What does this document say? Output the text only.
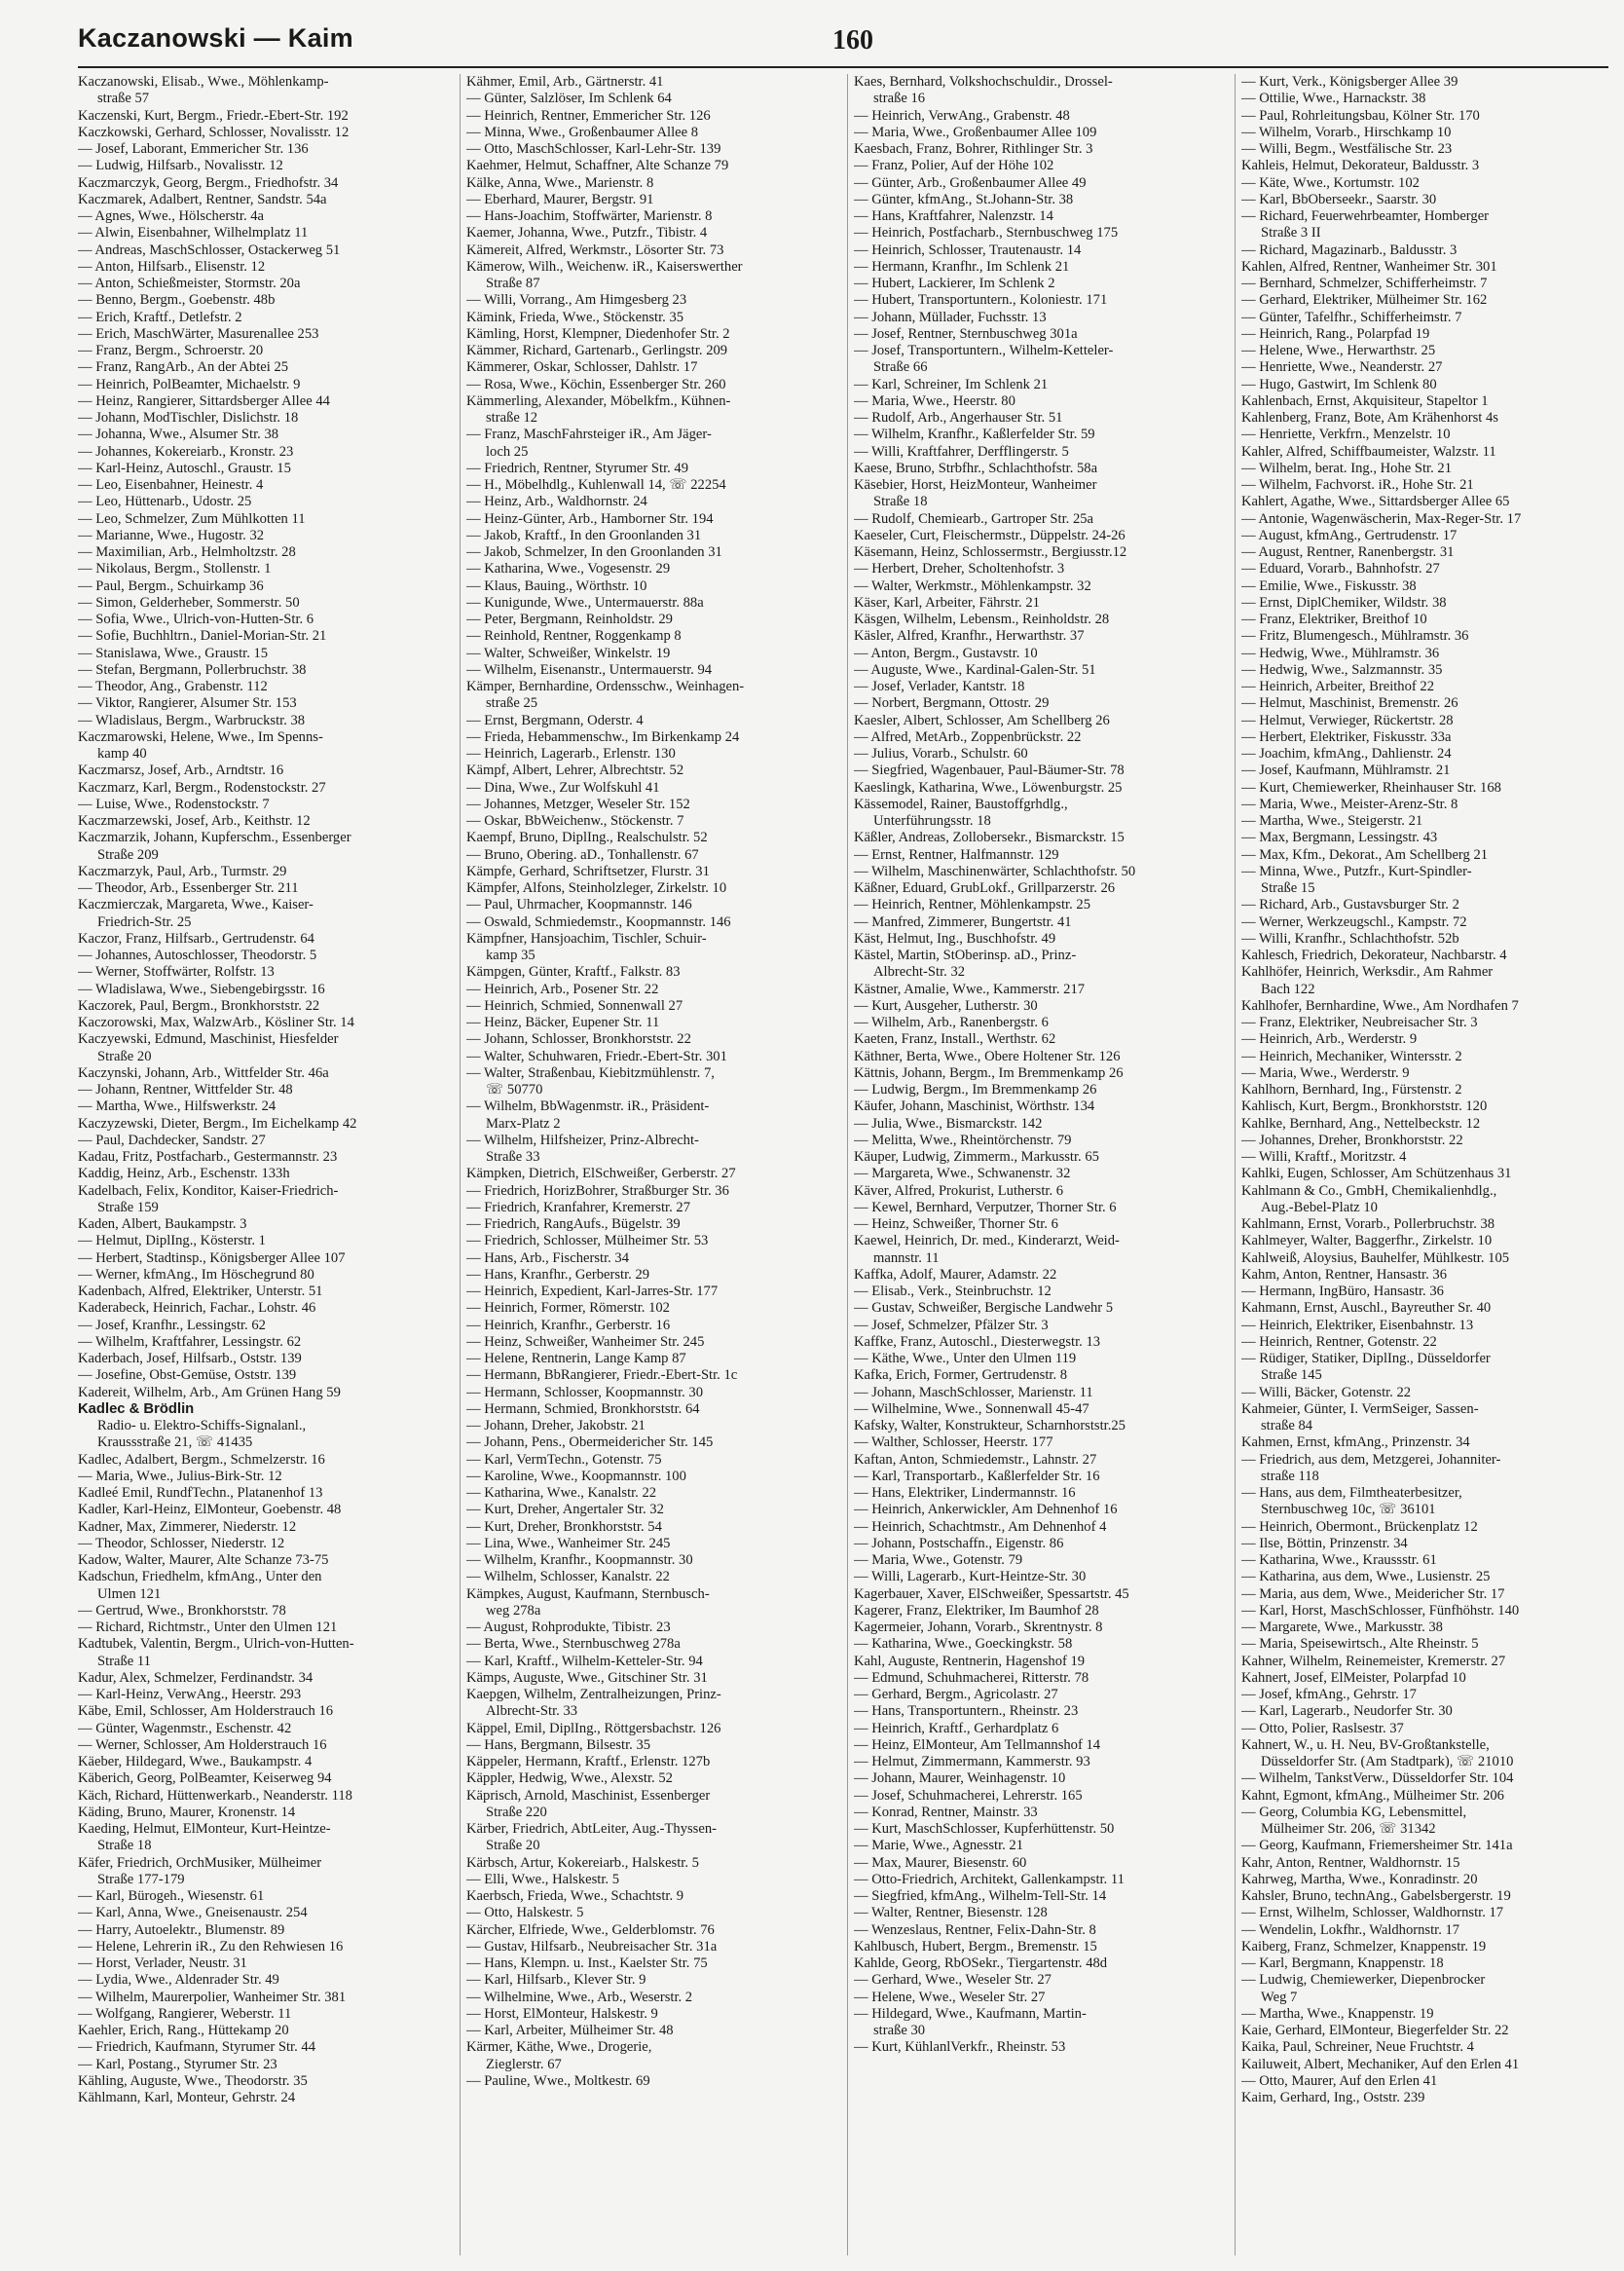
Kaczanowski — Kaim	160
Kaczanowski, Elisab., Wwe., Möhlenkamp-
straße 57
Kaczenski, Kurt, Bergm., Friedr.-Ebert-Str. 192
Kaczkowski, Gerhard, Schlosser, Novalisstr. 12
— Josef, Laborant, Emmericher Str. 136
— Ludwig, Hilfsarb., Novalisstr. 12
Kaczmarczyk, Georg, Bergm., Friedhofstr. 34
Kaczmarek, Adalbert, Rentner, Sandstr. 54a
— Agnes, Wwe., Hölscherstr. 4a
— Alwin, Eisenbahner, Wilhelmplatz 11
— Andreas, MaschSchlosser, Ostackerweg 51
— Anton, Hilfsarb., Elisenstr. 12
— Anton, Schießmeister, Stormstr. 20a
— Benno, Bergm., Goebenstr. 48b
— Erich, Kraftf., Detlefstr. 2
— Erich, MaschWärter, Masurenallee 253
— Franz, Bergm., Schroerstr. 20
— Franz, RangArb., An der Abtei 25
— Heinrich, PolBeamter, Michaelstr. 9
— Heinz, Rangierer, Sittardsberger Allee 44
— Johann, ModTischler, Dislichstr. 18
— Johanna, Wwe., Alsumer Str. 38
— Johannes, Kokereiarb., Kronstr. 23
— Karl-Heinz, Autoschl., Graustr. 15
— Leo, Eisenbahner, Heinestr. 4
— Leo, Hüttenarb., Udostr. 25
— Leo, Schmelzer, Zum Mühlkotten 11
— Marianne, Wwe., Hugostr. 32
— Maximilian, Arb., Helmholtzstr. 28
— Nikolaus, Bergm., Stollenstr. 1
— Paul, Bergm., Schuirkamp 36
— Simon, Gelderheber, Sommerstr. 50
— Sofia, Wwe., Ulrich-von-Hutten-Str. 6
— Sofie, Buchhltrn., Daniel-Morian-Str. 21
— Stanislawa, Wwe., Graustr. 15
— Stefan, Bergmann, Pollerbruchstr. 38
— Theodor, Ang., Grabenstr. 112
— Viktor, Rangierer, Alsumer Str. 153
— Wladislaus, Bergm., Warbruckstr. 38
Kaczmarowski, Helene, Wwe., Im Spenns-
kamp 40
Kaczmarsz, Josef, Arb., Arndtstr. 16
Kaczmarz, Karl, Bergm., Rodenstockstr. 27
— Luise, Wwe., Rodenstockstr. 7
Kaczmarzewski, Josef, Arb., Keithstr. 12
Kaczmarzik, Johann, Kupferschm., Essenberger
Straße 209
Kaczmarzyk, Paul, Arb., Turmstr. 29
— Theodor, Arb., Essenberger Str. 211
Kaczmierczak, Margareta, Wwe., Kaiser-
Friedrich-Str. 25
Kaczor, Franz, Hilfsarb., Gertrudenstr. 64
— Johannes, Autoschlosser, Theodorstr. 5
— Werner, Stoffwärter, Rolfstr. 13
— Wladislawa, Wwe., Siebengebirgsstr. 16
Kaczorek, Paul, Bergm., Bronkhorststr. 22
Kaczorowski, Max, WalzwArb., Kösliner Str. 14
Kaczyewski, Edmund, Maschinist, Hiesfelder
Straße 20
Kaczynski, Johann, Arb., Wittfelder Str. 46a
— Johann, Rentner, Wittfelder Str. 48
— Martha, Wwe., Hilfswerkstr. 24
Kaczyzewski, Dieter, Bergm., Im Eichelkamp 42
— Paul, Dachdecker, Sandstr. 27
Kadau, Fritz, Postfacharb., Gestermannstr. 23
Kaddig, Heinz, Arb., Eschenstr. 133h
Kadelbach, Felix, Konditor, Kaiser-Friedrich-
Straße 159
Kaden, Albert, Baukampstr. 3
— Helmut, DiplIng., Kösterstr. 1
— Herbert, Stadtinsp., Königsberger Allee 107
— Werner, kfmAng., Im Höschegrund 80
Kadenbach, Alfred, Elektriker, Unterstr. 51
Kaderabeck, Heinrich, Fachar., Lohstr. 46
— Josef, Kranfhr., Lessingstr. 62
— Wilhelm, Kraftfahrer, Lessingstr. 62
Kaderbach, Josef, Hilfsarb., Oststr. 139
— Josefine, Obst-Gemüse, Oststr. 139
Kadereit, Wilhelm, Arb., Am Grünen Hang 59
Kadlec & Brödlin
Radio- u. Elektro-Schiffs-Signalanl.,
Kraussstraße 21, ☏ 41435
Kadlec, Adalbert, Bergm., Schmelzerstr. 16
— Maria, Wwe., Julius-Birk-Str. 12
Kadleé Emil, RundfTechn., Platanenhof 13
Kadler, Karl-Heinz, ElMonteur, Goebenstr. 48
Kadner, Max, Zimmerer, Niederstr. 12
— Theodor, Schlosser, Niederstr. 12
Kadow, Walter, Maurer, Alte Schanze 73-75
Kadschun, Friedhelm, kfmAng., Unter den
Ulmen 121
— Gertrud, Wwe., Bronkhorststr. 78
— Richard, Richtmstr., Unter den Ulmen 121
Kadtubek, Valentin, Bergm., Ulrich-von-Hutten-
Straße 11
Kadur, Alex, Schmelzer, Ferdinandstr. 34
— Karl-Heinz, VerwAng., Heerstr. 293
Käbe, Emil, Schlosser, Am Holderstrauch 16
— Günter, Wagenmstr., Eschenstr. 42
— Werner, Schlosser, Am Holderstrauch 16
Käeber, Hildegard, Wwe., Baukampstr. 4
Käberich, Georg, PolBeamter, Keiserweg 94
Käch, Richard, Hüttenwerkarb., Neanderstr. 118
Käding, Bruno, Maurer, Kronenstr. 14
Kaeding, Helmut, ElMonteur, Kurt-Heintze-
Straße 18
Käfer, Friedrich, OrchMusiker, Mülheimer
Straße 177-179
— Karl, Bürogeh., Wiesenstr. 61
— Karl, Anna, Wwe., Gneisenaustr. 254
— Harry, Autoelektr., Blumenstr. 89
— Helene, Lehrerin iR., Zu den Rehwiesen 16
— Horst, Verlader, Neustr. 31
— Lydia, Wwe., Aldenrader Str. 49
— Wilhelm, Maurerpolier, Wanheimer Str. 381
— Wolfgang, Rangierer, Weberstr. 11
Kaehler, Erich, Rang., Hüttekamp 20
— Friedrich, Kaufmann, Styrumer Str. 44
— Karl, Postang., Styrumer Str. 23
Kähling, Auguste, Wwe., Theodorstr. 35
Kählmann, Karl, Monteur, Gehrstr. 24
Kähmer, Emil, Arb., Gärtnerstr. 41
— Günter, Salzlöser, Im Schlenk 64
— Heinrich, Rentner, Emmericher Str. 126
— Minna, Wwe., Großenbaumer Allee 8
— Otto, MaschSchlosser, Karl-Lehr-Str. 139
Kaehmer, Helmut, Schaffner, Alte Schanze 79
Kälke, Anna, Wwe., Marienstr. 8
— Eberhard, Maurer, Bergstr. 91
— Hans-Joachim, Stoffwärter, Marienstr. 8
Kaemer, Johanna, Wwe., Putzfr., Tibistr. 4
Kämereit, Alfred, Werkmstr., Lösorter Str. 73
Kämerow, Wilh., Weichenw. iR., Kaiserswerther
Straße 87
— Willi, Vorrang., Am Himgesberg 23
Kämink, Frieda, Wwe., Stöckenstr. 35
Kämling, Horst, Klempner, Diedenhofer Str. 2
Kämmer, Richard, Gartenarb., Gerlingstr. 209
Kämmerer, Oskar, Schlosser, Dahlstr. 17
— Rosa, Wwe., Köchin, Essenberger Str. 260
Kämmerling, Alexander, Möbelkfm., Kühnen-
straße 12
— Franz, MaschFahrsteiger iR., Am Jäger-
loch 25
— Friedrich, Rentner, Styrumer Str. 49
— H., Möbelhdlg., Kuhlenwall 14, ☏ 22254
— Heinz, Arb., Waldhornstr. 24
— Heinz-Günter, Arb., Hamborner Str. 194
— Jakob, Kraftf., In den Groonlanden 31
— Jakob, Schmelzer, In den Groonlanden 31
— Katharina, Wwe., Vogesenstr. 29
— Klaus, Bauing., Wörthstr. 10
— Kunigunde, Wwe., Untermauerstr. 88a
— Peter, Bergmann, Reinholdstr. 29
— Reinhold, Rentner, Roggenkamp 8
— Walter, Schweißer, Winkelstr. 19
— Wilhelm, Eisenanstr., Untermauerstr. 94
Kämper, Bernhardine, Ordensschw., Weinhagen-
straße 25
— Ernst, Bergmann, Oderstr. 4
— Frieda, Hebammenschw., Im Birkenkamp 24
— Heinrich, Lagerarb., Erlenstr. 130
Kämpf, Albert, Lehrer, Albrechtstr. 52
— Dina, Wwe., Zur Wolfskuhl 41
— Johannes, Metzger, Weseler Str. 152
— Oskar, BbWeichenw., Stöckenstr. 7
Kaempf, Bruno, DiplIng., Realschulstr. 52
— Bruno, Obering. aD., Tonhallenstr. 67
Kämpfe, Gerhard, Schriftsetzer, Flurstr. 31
Kämpfer, Alfons, Steinholzleger, Zirkelstr. 10
— Paul, Uhrmacher, Koopmannstr. 146
— Oswald, Schmiedemstr., Koopmannstr. 146
Kämpfner, Hansjoachim, Tischler, Schuir-
kamp 35
Kämpgen, Günter, Kraftf., Falkstr. 83
— Heinrich, Arb., Posener Str. 22
— Heinrich, Schmied, Sonnenwall 27
— Heinz, Bäcker, Eupener Str. 11
— Johann, Schlosser, Bronkhorststr. 22
— Walter, Schuhwaren, Friedr.-Ebert-Str. 301
— Walter, Straßenbau, Kiebitzmühlenstr. 7,
☏ 50770
— Wilhelm, BbWagenmstr. iR., Präsident-
Marx-Platz 2
— Wilhelm, Hilfsheizer, Prinz-Albrecht-
Straße 33
Kämpken, Dietrich, ElSchweißer, Gerberstr. 27
— Friedrich, HorizBohrer, Straßburger Str. 36
— Friedrich, Kranfahrer, Kremerstr. 27
— Friedrich, RangAufs., Bügelstr. 39
— Friedrich, Schlosser, Mülheimer Str. 53
— Hans, Arb., Fischerstr. 34
— Hans, Kranfhr., Gerberstr. 29
— Heinrich, Expedient, Karl-Jarres-Str. 177
— Heinrich, Former, Römerstr. 102
— Heinrich, Kranfhr., Gerberstr. 16
— Heinz, Schweißer, Wanheimer Str. 245
— Helene, Rentnerin, Lange Kamp 87
— Hermann, BbRangierer, Friedr.-Ebert-Str. 1c
— Hermann, Schlosser, Koopmannstr. 30
— Hermann, Schmied, Bronkhorststr. 64
— Johann, Dreher, Jakobstr. 21
— Johann, Pens., Obermeidericher Str. 145
— Karl, VermTechn., Gotenstr. 75
— Karoline, Wwe., Koopmannstr. 100
— Katharina, Wwe., Kanalstr. 22
— Kurt, Dreher, Angertaler Str. 32
— Kurt, Dreher, Bronkhorststr. 54
— Lina, Wwe., Wanheimer Str. 245
— Wilhelm, Kranfhr., Koopmannstr. 30
— Wilhelm, Schlosser, Kanalstr. 22
Kämpkes, August, Kaufmann, Sternbusch-
weg 278a
— August, Rohprodukte, Tibistr. 23
— Berta, Wwe., Sternbuschweg 278a
— Karl, Kraftf., Wilhelm-Ketteler-Str. 94
Kämps, Auguste, Wwe., Gitschiner Str. 31
Kaepgen, Wilhelm, Zentralheizungen, Prinz-
Albrecht-Str. 33
Käppel, Emil, DiplIng., Röttgersbachstr. 126
— Hans, Bergmann, Bilsestr. 35
Käppeler, Hermann, Kraftf., Erlenstr. 127b
Käppler, Hedwig, Wwe., Alexstr. 52
Käprisch, Arnold, Maschinist, Essenberger
Straße 220
Kärber, Friedrich, AbtLeiter, Aug.-Thyssen-
Straße 20
Kärbsch, Artur, Kokereiarb., Halskestr. 5
— Elli, Wwe., Halskestr. 5
Kaerbsch, Frieda, Wwe., Schachtstr. 9
— Otto, Halskestr. 5
Kärcher, Elfriede, Wwe., Gelderblomstr. 76
— Gustav, Hilfsarb., Neubreisacher Str. 31a
— Hans, Klempn. u. Inst., Kaelster Str. 75
— Karl, Hilfsarb., Klever Str. 9
— Wilhelmine, Wwe., Arb., Weserstr. 2
— Horst, ElMonteur, Halskestr. 9
— Karl, Arbeiter, Mülheimer Str. 48
Kärmer, Käthe, Wwe., Drogerie,
Zieglerstr. 67
— Pauline, Wwe., Moltkestr. 69
Kaes, Bernhard, Volkshochschuldir., Drossel-
straße 16
— Heinrich, VerwAng., Grabenstr. 48
— Maria, Wwe., Großenbaumer Allee 109
Kaesbach, Franz, Bohrer, Rithlinger Str. 3
— Franz, Polier, Auf der Höhe 102
— Günter, Arb., Großenbaumer Allee 49
— Günter, kfmAng., St.Johann-Str. 38
— Hans, Kraftfahrer, Nalenzstr. 14
— Heinrich, Postfacharb., Sternbuschweg 175
— Heinrich, Schlosser, Trautenaustr. 14
— Hermann, Kranfhr., Im Schlenk 21
— Hubert, Lackierer, Im Schlenk 2
— Hubert, Transportuntern., Koloniestr. 171
— Johann, Müllader, Fuchsstr. 13
— Josef, Rentner, Sternbuschweg 301a
— Josef, Transportuntern., Wilhelm-Ketteler-
Straße 66
— Karl, Schreiner, Im Schlenk 21
— Maria, Wwe., Heerstr. 80
— Rudolf, Arb., Angerhauser Str. 51
— Wilhelm, Kranfhr., Kaßlerfelder Str. 59
— Willi, Kraftfahrer, Derfflingerstr. 5
Kaese, Bruno, Strbfhr., Schlachthofstr. 58a
Käsebier, Horst, HeizMonteur, Wanheimer
Straße 18
— Rudolf, Chemiearb., Gartroper Str. 25a
Kaeseler, Curt, Fleischermstr., Düppelstr. 24-26
Käsemann, Heinz, Schlossermstr., Bergiusstr.12
— Herbert, Dreher, Scholtenhofstr. 3
— Walter, Werkmstr., Möhlenkampstr. 32
Käser, Karl, Arbeiter, Fährstr. 21
Käsgen, Wilhelm, Lebensm., Reinholdstr. 28
Käsler, Alfred, Kranfhr., Herwarthstr. 37
— Anton, Bergm., Gustavstr. 10
— Auguste, Wwe., Kardinal-Galen-Str. 51
— Josef, Verlader, Kantstr. 18
— Norbert, Bergmann, Ottostr. 29
Kaesler, Albert, Schlosser, Am Schellberg 26
— Alfred, MetArb., Zoppenbrückstr. 22
— Julius, Vorarb., Schulstr. 60
— Siegfried, Wagenbauer, Paul-Bäumer-Str. 78
Kaeslingk, Katharina, Wwe., Löwenburgstr. 25
Kässemodel, Rainer, Baustoffgrhdlg.,
Unterführungsstr. 18
Käßler, Andreas, Zollobersekr., Bismarckstr. 15
— Ernst, Rentner, Halfmannstr. 129
— Wilhelm, Maschinenwärter, Schlachthofstr. 50
Käßner, Eduard, GrubLokf., Grillparzerstr. 26
— Heinrich, Rentner, Möhlenkampstr. 25
— Manfred, Zimmerer, Bungertstr. 41
Käst, Helmut, Ing., Buschhofstr. 49
Kästel, Martin, StOberinsp. aD., Prinz-
Albrecht-Str. 32
Kästner, Amalie, Wwe., Kammerstr. 217
— Kurt, Ausgeher, Lutherstr. 30
— Wilhelm, Arb., Ranenbergstr. 6
Kaeten, Franz, Install., Werthstr. 62
Käthner, Berta, Wwe., Obere Holtener Str. 126
Kättnis, Johann, Bergm., Im Bremmenkamp 26
— Ludwig, Bergm., Im Bremmenkamp 26
Käufer, Johann, Maschinist, Wörthstr. 134
— Julia, Wwe., Bismarckstr. 142
— Melitta, Wwe., Rheintörchenstr. 79
Käuper, Ludwig, Zimmerm., Markusstr. 65
— Margareta, Wwe., Schwanenstr. 32
Käver, Alfred, Prokurist, Lutherstr. 6
— Kewel, Bernhard, Verputzer, Thorner Str. 6
— Heinz, Schweißer, Thorner Str. 6
Kaewel, Heinrich, Dr. med., Kinderarzt, Weid-
mannstr. 11
Kaffka, Adolf, Maurer, Adamstr. 22
— Elisab., Verk., Steinbruchstr. 12
— Gustav, Schweißer, Bergische Landwehr 5
— Josef, Schmelzer, Pfälzer Str. 3
Kaffke, Franz, Autoschl., Diesterwegstr. 13
— Käthe, Wwe., Unter den Ulmen 119
Kafka, Erich, Former, Gertrudenstr. 8
— Johann, MaschSchlosser, Marienstr. 11
— Wilhelmine, Wwe., Sonnenwall 45-47
Kafsky, Walter, Konstrukteur, Scharnhorststr.25
— Walther, Schlosser, Heerstr. 177
Kaftan, Anton, Schmiedemstr., Lahnstr. 27
— Karl, Transportarb., Kaßlerfelder Str. 16
— Hans, Elektriker, Lindermannstr. 16
— Heinrich, Ankerwickler, Am Dehnenhof 16
— Heinrich, Schachtmstr., Am Dehnenhof 4
— Johann, Postschaffn., Eigenstr. 86
— Maria, Wwe., Gotenstr. 79
— Willi, Lagerarb., Kurt-Heintze-Str. 30
Kagerbauer, Xaver, ElSchweißer, Spessartstr. 45
Kagerer, Franz, Elektriker, Im Baumhof 28
Kagermeier, Johann, Vorarb., Skrentnystr. 8
— Katharina, Wwe., Goeckingkstr. 58
Kahl, Auguste, Rentnerin, Hagenshof 19
— Edmund, Schuhmacherei, Ritterstr. 78
— Gerhard, Bergm., Agricolastr. 27
— Hans, Transportuntern., Rheinstr. 23
— Heinrich, Kraftf., Gerhardplatz 6
— Heinz, ElMonteur, Am Tellmannshof 14
— Helmut, Zimmermann, Kammerstr. 93
— Johann, Maurer, Weinhagenstr. 10
— Josef, Schuhmacherei, Lehrerstr. 165
— Konrad, Rentner, Mainstr. 33
— Kurt, MaschSchlosser, Kupferhüttenstr. 50
— Marie, Wwe., Agnesstr. 21
— Max, Maurer, Biesenstr. 60
— Otto-Friedrich, Architekt, Gallenkampstr. 11
— Siegfried, kfmAng., Wilhelm-Tell-Str. 14
— Walter, Rentner, Biesenstr. 128
— Wenzeslaus, Rentner, Felix-Dahn-Str. 8
Kahlbusch, Hubert, Bergm., Bremenstr. 15
Kahlde, Georg, RbOSekr., Tiergartenstr. 48d
— Gerhard, Wwe., Weseler Str. 27
— Helene, Wwe., Weseler Str. 27
— Hildegard, Wwe., Kaufmann, Martin-
straße 30
— Kurt, KühlanlVerkfr., Rheinstr. 53
— Kurt, Verk., Königsberger Allee 39
— Ottilie, Wwe., Harnackstr. 38
— Paul, Rohrleitungsbau, Kölner Str. 170
— Wilhelm, Vorarb., Hirschkamp 10
— Willi, Begm., Westfälische Str. 23
Kahleis, Helmut, Dekorateur, Baldusstr. 3
— Käte, Wwe., Kortumstr. 102
— Karl, BbOberseekr., Saarstr. 30
— Richard, Feuerwehrbeamter, Homberger
Straße 3 II
— Richard, Magazinarb., Baldusstr. 3
Kahlen, Alfred, Rentner, Wanheimer Str. 301
— Bernhard, Schmelzer, Schifferheimstr. 7
— Gerhard, Elektriker, Mülheimer Str. 162
— Günter, Tafelfhr., Schifferheimstr. 7
— Heinrich, Rang., Polarpfad 19
— Helene, Wwe., Herwarthstr. 25
— Henriette, Wwe., Neanderstr. 27
— Hugo, Gastwirt, Im Schlenk 80
Kahlenbach, Ernst, Akquisiteur, Stapeltor 1
Kahlenberg, Franz, Bote, Am Krähenhorst 4s
— Henriette, Verkfrn., Menzelstr. 10
Kahler, Alfred, Schiffbaumeister, Walzstr. 11
— Wilhelm, berat. Ing., Hohe Str. 21
— Wilhelm, Fachvorst. iR., Hohe Str. 21
Kahlert, Agathe, Wwe., Sittardsberger Allee 65
— Antonie, Wagenwäscherin, Max-Reger-Str. 17
— August, kfmAng., Gertrudenstr. 17
— August, Rentner, Ranenbergstr. 31
— Eduard, Vorarb., Bahnhofstr. 27
— Emilie, Wwe., Fiskusstr. 38
— Ernst, DiplChemiker, Wildstr. 38
— Franz, Elektriker, Breithof 10
— Fritz, Blumengesch., Mühlramstr. 36
— Hedwig, Wwe., Mühlramstr. 36
— Hedwig, Wwe., Salzmannstr. 35
— Heinrich, Arbeiter, Breithof 22
— Helmut, Maschinist, Bremenstr. 26
— Helmut, Verwieger, Rückertstr. 28
— Herbert, Elektriker, Fiskusstr. 33a
— Joachim, kfmAng., Dahlienstr. 24
— Josef, Kaufmann, Mühlramstr. 21
— Kurt, Chemiewerker, Rheinhauser Str. 168
— Maria, Wwe., Meister-Arenz-Str. 8
— Martha, Wwe., Steigerstr. 21
— Max, Bergmann, Lessingstr. 43
— Max, Kfm., Dekorat., Am Schellberg 21
— Minna, Wwe., Putzfr., Kurt-Spindler-
Straße 15
— Richard, Arb., Gustavsburger Str. 2
— Werner, Werkzeugschl., Kampstr. 72
— Willi, Kranfhr., Schlachthofstr. 52b
Kahlesch, Friedrich, Dekorateur, Nachbarstr. 4
Kahlhöfer, Heinrich, Werksdir., Am Rahmer
Bach 122
Kahlhofer, Bernhardine, Wwe., Am Nordhafen 7
— Franz, Elektriker, Neubreisacher Str. 3
— Heinrich, Arb., Werderstr. 9
— Heinrich, Mechaniker, Wintersstr. 2
— Maria, Wwe., Werderstr. 9
Kahlhorn, Bernhard, Ing., Fürstenstr. 2
Kahlisch, Kurt, Bergm., Bronkhorststr. 120
Kahlke, Bernhard, Ang., Nettelbeckstr. 12
— Johannes, Dreher, Bronkhorststr. 22
— Willi, Kraftf., Moritzstr. 4
Kahlki, Eugen, Schlosser, Am Schützenhaus 31
Kahlmann & Co., GmbH, Chemikalienhdlg.,
Aug.-Bebel-Platz 10
Kahlmann, Ernst, Vorarb., Pollerbruchstr. 38
Kahlmeyer, Walter, Baggerfhr., Zirkelstr. 10
Kahlweiß, Aloysius, Bauhelfer, Mühlkestr. 105
Kahm, Anton, Rentner, Hansastr. 36
— Hermann, IngBüro, Hansastr. 36
Kahmann, Ernst, Auschl., Bayreuther Sr. 40
— Heinrich, Elektriker, Eisenbahnstr. 13
— Heinrich, Rentner, Gotenstr. 22
— Rüdiger, Statiker, DiplIng., Düsseldorfer
Straße 145
— Willi, Bäcker, Gotenstr. 22
Kahmeier, Günter, I. VermSeiger, Sassen-
straße 84
Kahmen, Ernst, kfmAng., Prinzenstr. 34
— Friedrich, aus dem, Metzgerei, Johanniter-
straße 118
— Hans, aus dem, Filmtheaterbesitzer,
Sternbuschweg 10c, ☏ 36101
— Heinrich, Obermont., Brückenplatz 12
— Ilse, Böttin, Prinzenstr. 34
— Katharina, Wwe., Kraussstr. 61
— Katharina, aus dem, Wwe., Lusienstr. 25
— Maria, aus dem, Wwe., Meidericher Str. 17
— Karl, Horst, MaschSchlosser, Fünfhöhstr. 140
— Margarete, Wwe., Markusstr. 38
— Maria, Speisewirtsch., Alte Rheinstr. 5
Kahner, Wilhelm, Reinemeister, Kremerstr. 27
Kahnert, Josef, ElMeister, Polarpfad 10
— Josef, kfmAng., Gehrstr. 17
— Karl, Lagerarb., Neudorfer Str. 30
— Otto, Polier, Raslsestr. 37
Kahnert, W., u. H. Neu, BV-Großtankstelle,
Düsseldorfer Str. (Am Stadtpark), ☏ 21010
— Wilhelm, TankstVerw., Düsseldorfer Str. 104
Kahnt, Egmont, kfmAng., Mülheimer Str. 206
— Georg, Columbia KG, Lebensmittel,
Mülheimer Str. 206, ☏ 31342
— Georg, Kaufmann, Friemersheimer Str. 141a
Kahr, Anton, Rentner, Waldhornstr. 15
Kahrweg, Martha, Wwe., Konradinstr. 20
Kahsler, Bruno, technAng., Gabelsbergerstr. 19
— Ernst, Wilhelm, Schlosser, Waldhornstr. 17
— Wendelin, Lokfhr., Waldhornstr. 17
Kaiberg, Franz, Schmelzer, Knappenstr. 19
— Karl, Bergmann, Knappenstr. 18
— Ludwig, Chemiewerker, Diepenbrocker
Weg 7
— Martha, Wwe., Knappenstr. 19
Kaie, Gerhard, ElMonteur, Biegerfelder Str. 22
Kaika, Paul, Schreiner, Neue Fruchtstr. 4
Kailuweit, Albert, Mechaniker, Auf den Erlen 41
— Otto, Maurer, Auf den Erlen 41
Kaim, Gerhard, Ing., Oststr. 239
